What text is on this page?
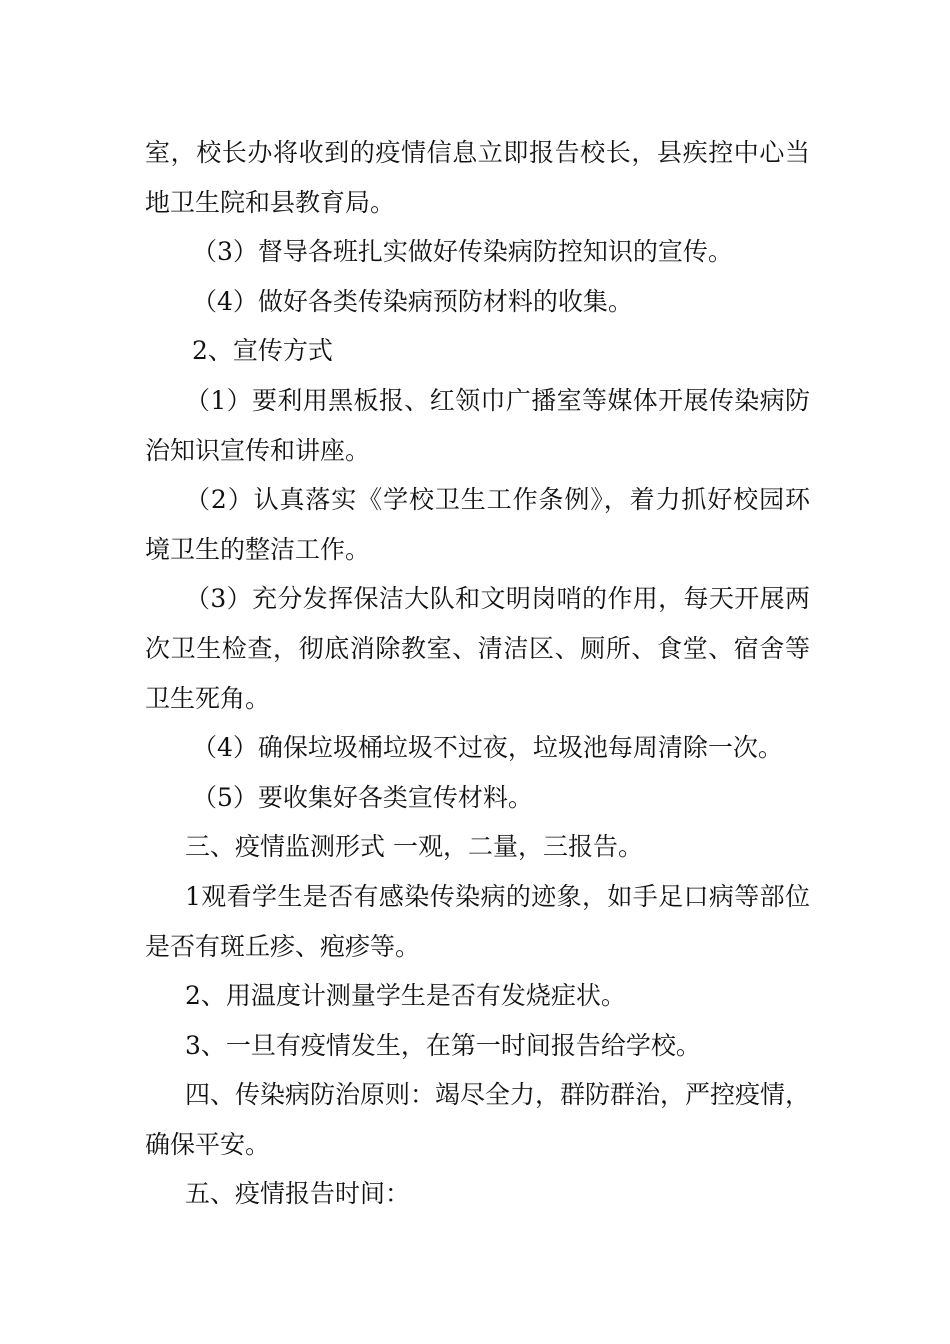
室，校长办将收到的疫情信息立即报告校长，县疾控中心当地卫生院和县教育局。

（3）督导各班扎实做好传染病防控知识的宣传。

（4）做好各类传染病预防材料的收集。

2、宣传方式

（1）要利用黑板报、红领巾广播室等媒体开展传染病防治知识宣传和讲座。

（2）认真落实《学校卫生工作条例》，着力抓好校园环境卫生的整洁工作。

（3）充分发挥保洁大队和文明岗哨的作用，每天开展两次卫生检查，彻底消除教室、清洁区、厕所、食堂、宿舍等卫生死角。

（4）确保垃圾桶垃圾不过夜，垃圾池每周清除一次。

（5）要收集好各类宣传材料。

三、疫情监测形式 一观，二量，三报告。

1观看学生是否有感染传染病的迹象，如手足口病等部位是否有斑丘疹、疱疹等。

2、用温度计测量学生是否有发烧症状。

3、一旦有疫情发生，在第一时间报告给学校。

四、传染病防治原则：竭尽全力，群防群治，严控疫情，确保平安。

五、疫情报告时间：
